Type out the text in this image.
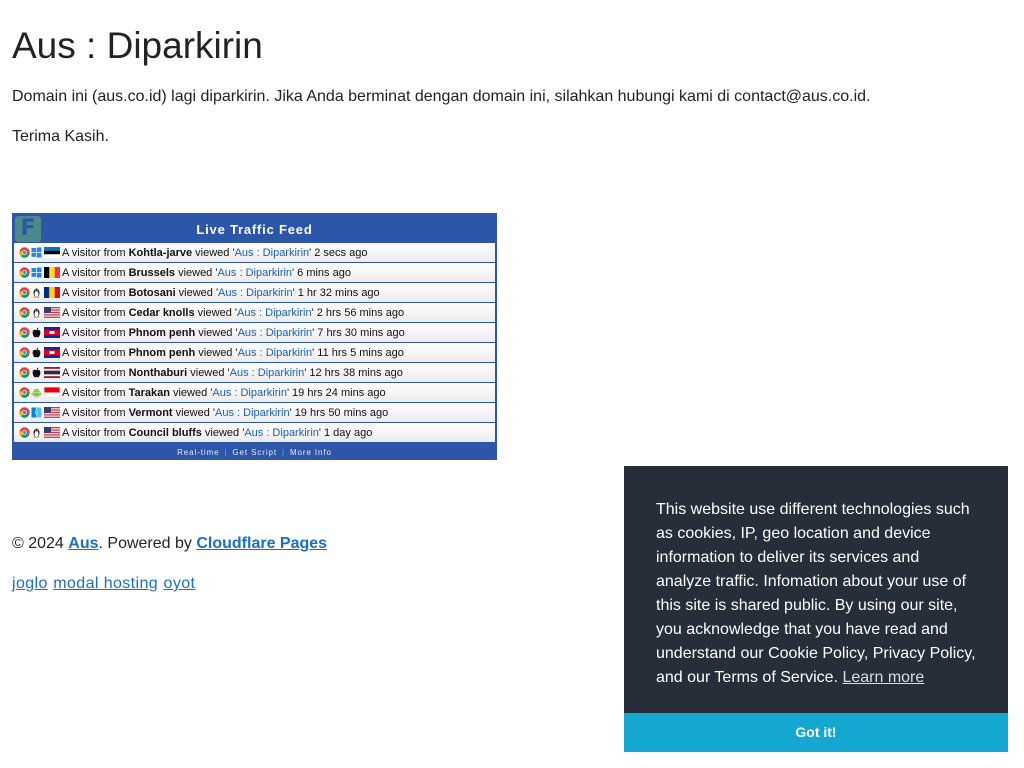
Aus : Diparkirin

Domain ini (aus.co.id) lagi diparkirin. Jika Anda berminat dengan domain ini, silahkan hubungi kami di contact@aus.co.id.

Terima Kasih.

F	Live Traffic Feed
A visitor from Kohtla-jarve viewed ' Aus : Diparkirin ' 2 secs ago
A visitor from Brussels viewed ' Aus : Diparkirin ' 6 mins ago
A visitor from Botosani viewed ' Aus : Diparkirin ' 1 hr 32 mins ago
A visitor from Cedar knolls viewed ' Aus : Diparkirin ' 2 hrs 56 mins ago
A visitor from Phnom penh viewed ' Aus : Diparkirin ' 7 hrs 30 mins ago
A visitor from Phnom penh viewed ' Aus : Diparkirin ' 11 hrs 5 mins ago
A visitor from Nonthaburi viewed ' Aus : Diparkirin ' 12 hrs 38 mins ago
A visitor from Tarakan viewed ' Aus : Diparkirin ' 19 hrs 24 mins ago
A visitor from Vermont viewed ' Aus : Diparkirin ' 19 hrs 50 mins ago
A visitor from Council bluffs viewed ' Aus : Diparkirin ' 1 day ago
Real-time | Get Script | More Info

© 2024 Aus. Powered by Cloudflare Pages

joglo modal hosting oyot

This website use different technologies such as cookies, IP, geo location and device information to deliver its services and analyze traffic. Infomation about your use of this site is shared public. By using our site, you acknowledge that you have read and understand our Cookie Policy, Privacy Policy, and our Terms of Service. Learn more
Got it!
